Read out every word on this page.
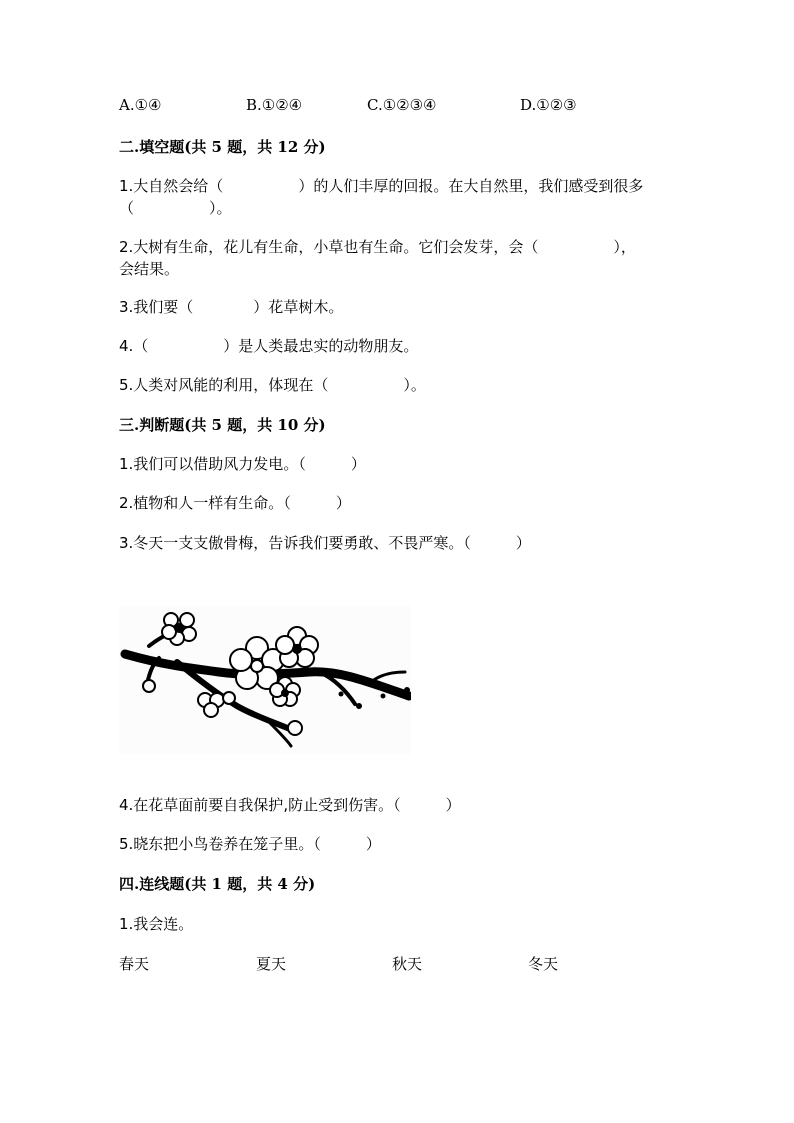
A.①④	B.①②④	C.①②③④	D.①②③
二.填空题(共 5 题，共 12 分)
1.大自然会给（　　　　　）的人们丰厚的回报。在大自然里，我们感受到很多
（　　　　　）。
2.大树有生命，花儿有生命，小草也有生命。它们会发芽，会（　　　　　），
会结果。
3.我们要（　　　　）花草树木。
4.（　　　　　）是人类最忠实的动物朋友。
5.人类对风能的利用，体现在（　　　　　）。
三.判断题(共 5 题，共 10 分)
1.我们可以借助风力发电。（　　　）
2.植物和人一样有生命。（　　　）
3.冬天一支支傲骨梅，告诉我们要勇敢、不畏严寒。（　　　）
4.在花草面前要自我保护,防止受到伤害。（　　　）
5.晓东把小鸟卷养在笼子里。（　　　）
四.连线题(共 1 题，共 4 分)
1.我会连。
春天	夏天	秋天	冬天
